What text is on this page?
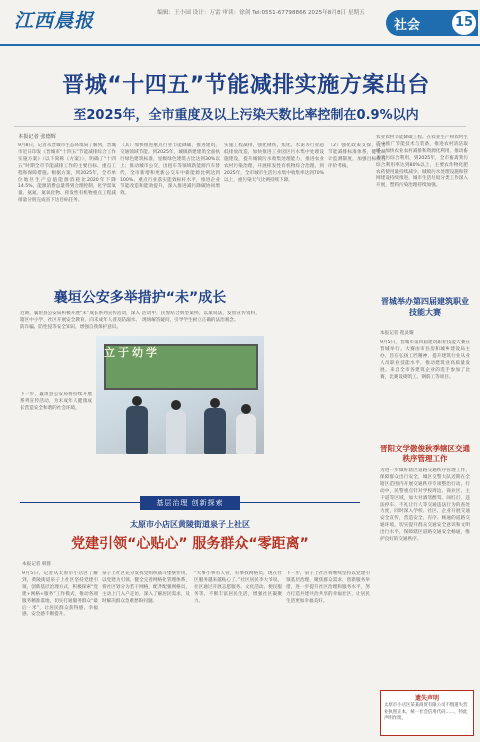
江西晨报	编辑：王小园 设计：万雷 审读：徐剑 Tel:0551-67798866 2025年8月8日 星期五
社会	15
晋城“十四五”节能减排实施方案出台
至2025年，全市重度及以上污染天数比率控制在0.9%以内
本报记者 张德辉

9月8日，记者从晋城市生态环境局了解到，晋城市近日印发《晋城市“十四五”节能减排综合工作实施方案》（以下简称《方案》），明确了“十四五”时期全市节能减排工作的主要目标、重点工程和保障措施。根据方案，到2025年，全市单位地区生产总值能源消耗比2020年下降14.5%，能源消费总量得到合理控制，化学需氧量、氨氮、氮氧化物、挥发性有机物重点工程减排量分别完成省下达目标任务。

（其）加快推进重点行业节能降碳，推进建筑、交通领域节能。到2025年，城镇新建建筑全面执行绿色建筑标准，星级绿色建筑占比达到30%以上；推动城市公交、出租车等领域新能源汽车替代，全市新增和更新公交车中新能源比例达到100%。重点行业落实能效标杆水平，推进企业节能改造和能效提升，深入推进减污降碳协同增效。

实施工程减排，强化钢铁、焦化、水泥等行业超低排放改造，加快推进工业园区污水集中处理设施建设，提升城镇污水收集处理能力，推进农业农村污染治理，开展挥发性有机物综合治理。到2025年，全市城市生活污水集中收集率达到70%以上，重污染天气比例持续下降。

（2）强化政策支撑，完善节能减排标准体系，健全统计监测制度，加强目标责任评价考核。

农业农村节能降碳工程。在农业生产和农村生活中推广节能技术与装备，推进农村清洁取暖，加快农业农村减排和资源化利用，推动畜禽粪污综合利用，到2025年，全市畜禽粪污综合利用率达到80%以上，主要农作物化肥农药使用量持续减少。城镇污水处理设施和管网建设持续推进，城市生活垃圾分类工作深入开展，塑料污染治理持续加强。

襄垣公安多举措护“未”成长

近期，襄垣县公安局积极开展“未”成长系列宣传活动，深入辖区中小学、社区开展安全教育，向未成年人普及防溺水、防诈骗、防性侵等安全知识，增强自我保护意识。

活动中，民警结合典型案例，以案说法，发放宣传资料，现场解答疑问，引导学生树立正确的法治观念。

立于幼学

下一步，襄垣县公安局将持续开展系列宣传活动，为未成年人健康成长营造安全和谐的社会环境。

晋城举办第四届建筑职业技能大赛
本报记者 程灵耀

9月5日，晋城市第四届建筑职业技能大赛在晋城举行。大赛由市住房和城乡建设局主办，旨在弘扬工匠精神，提升建筑行业从业人员职业技能水平，推动建筑业高质量发展。来自全市各建筑企业的选手参加了比赛，比赛设砌筑工、钢筋工等项目。

晋阳文学傲俊秋季辖区交通秩序管理工作

为进一步做好辖区道路交通秩序管理工作，保障群众出行安全，城区交警大队近期在全辖区范围内开展交通秩序专项整治行动。行动中，民警重点针对学校周边、商业区、主干道等区域，加大对酒驾醉驾、闯红灯、违法停车、不礼让行人等交通违法行为的查处力度，同时深入学校、社区、企业开展交通安全宣传，营造安全、有序、畅通的道路交通环境，切实提升群众交通安全意识和文明出行水平，保障辖区道路交通安全畅通，维护良好的交通秩序。

基层治理 创新探索
太原市小店区黄陵街道泉子上社区
党建引领“心贴心” 服务群众“零距离”
本报记者 韩蓉

9月5日，记者从太原市小店区了解到，黄陵街道泉子上社区坚持党建引领，创新基层治理方式，积极探索“党建+网格+服务”工作模式，推动各项服务精准落地，切实打通服务群众“最后一米”，让居民群众获得感、幸福感、安全感不断提升。

泉子上社区充分发挥党组织战斗堡垒作用，以党建为引领，健全完善网格化管理体系，将社区划分为若干网格，配齐配强网格员，主动上门入户走访，深入了解居民需求，及时解决群众急难愁盼问题。

“大事小事有人管，有事找网格员，现在社区服务越来越贴心了。”社区居民李大爷说。社区通过开展志愿服务、文化活动、便民服务等，不断丰富居民生活，增强社区凝聚力。

下一步，泉子上社区将继续坚持以党建引领基层治理，聚焦群众需求，创新服务举措，进一步提升社区治理和服务水平，努力打造共建共治共享的幸福社区，让居民生活更加幸福美好。

遗失声明
太原市小店区某某商贸有限公司不慎遗失营业执照正本，统一社会信用代码……，特此声明作废。
